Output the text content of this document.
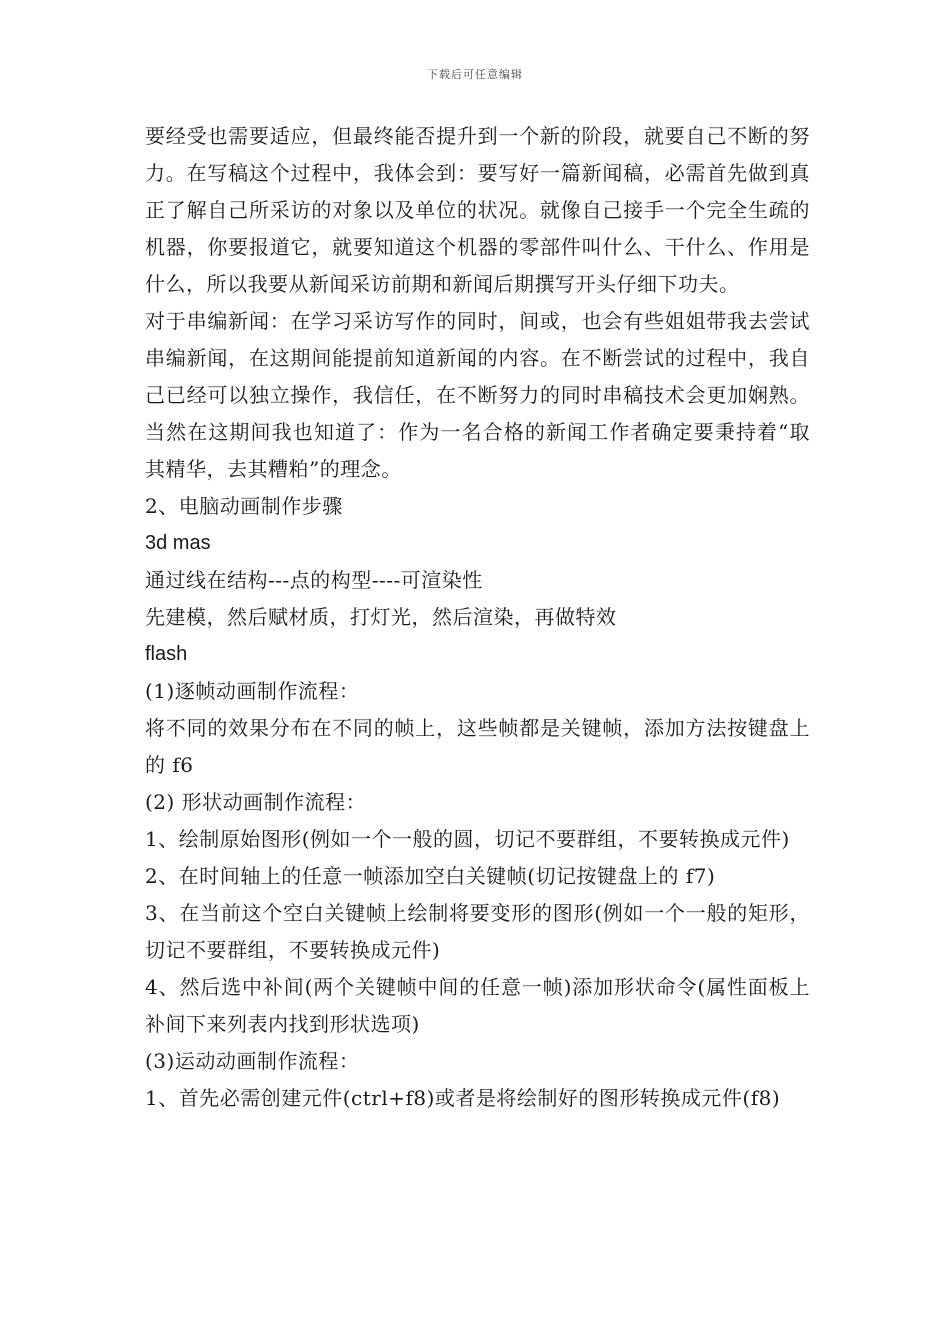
下载后可任意编辑

要经受也需要适应，但最终能否提升到一个新的阶段，就要自己不断的努力。在写稿这个过程中，我体会到：要写好一篇新闻稿，必需首先做到真正了解自己所采访的对象以及单位的状况。就像自己接手一个完全生疏的机器，你要报道它，就要知道这个机器的零部件叫什么、干什么、作用是什么，所以我要从新闻采访前期和新闻后期撰写开头仔细下功夫。

对于串编新闻：在学习采访写作的同时，间或，也会有些姐姐带我去尝试串编新闻，在这期间能提前知道新闻的内容。在不断尝试的过程中，我自己已经可以独立操作，我信任，在不断努力的同时串稿技术会更加娴熟。当然在这期间我也知道了：作为一名合格的新闻工作者确定要秉持着“取其精华，去其糟粕”的理念。

2、电脑动画制作步骤

3d mas

通过线在结构---点的构型----可渲染性

先建模，然后赋材质，打灯光，然后渲染，再做特效

flash

(1)逐帧动画制作流程：

将不同的效果分布在不同的帧上，这些帧都是关键帧，添加方法按键盘上的 f6

(2) 形状动画制作流程：

1、绘制原始图形(例如一个一般的圆，切记不要群组，不要转换成元件)

2、在时间轴上的任意一帧添加空白关键帧(切记按键盘上的 f7)

3、在当前这个空白关键帧上绘制将要变形的图形(例如一个一般的矩形，切记不要群组，不要转换成元件)

4、然后选中补间(两个关键帧中间的任意一帧)添加形状命令(属性面板上补间下来列表内找到形状选项)

(3)运动动画制作流程：

1、首先必需创建元件(ctrl+f8)或者是将绘制好的图形转换成元件(f8)
